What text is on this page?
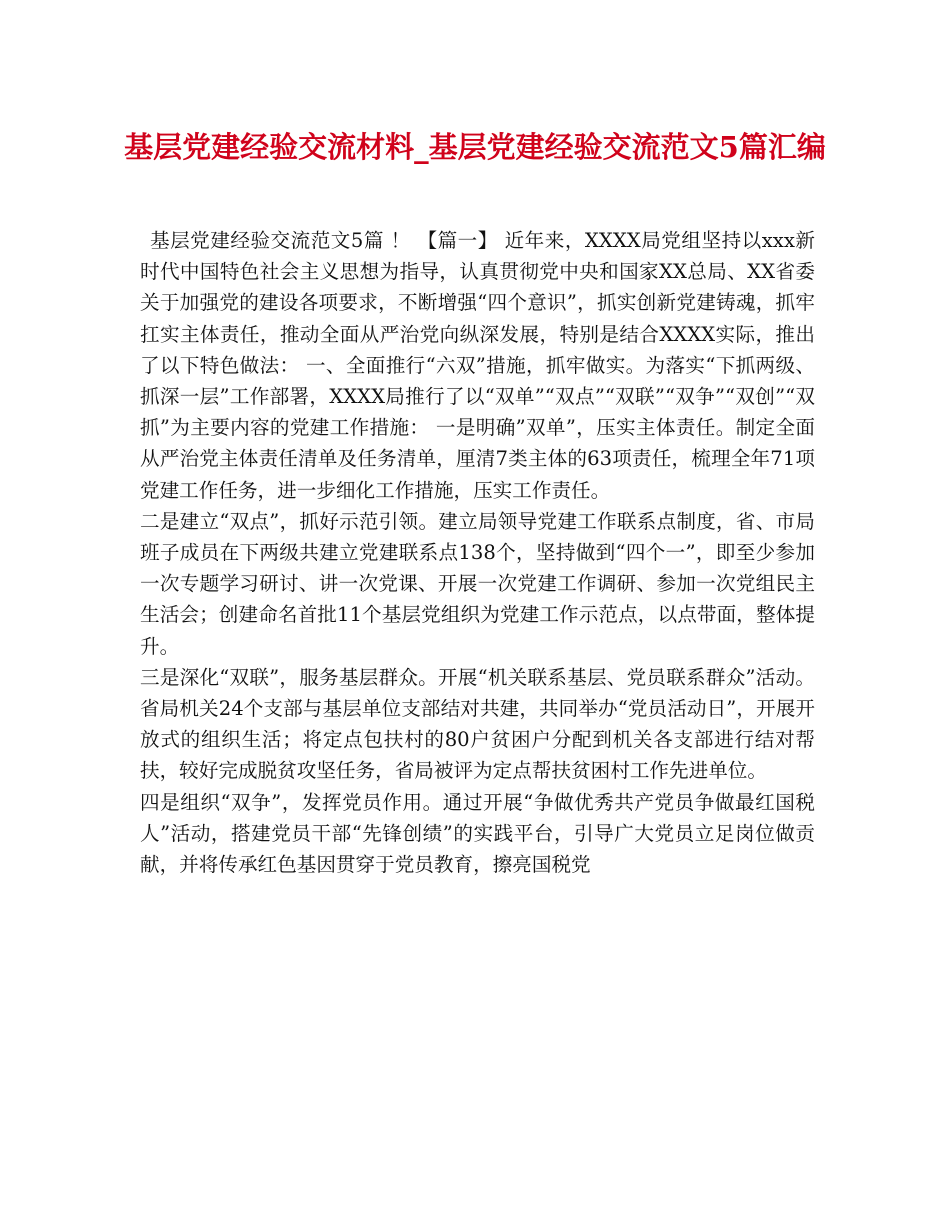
基层党建经验交流材料_基层党建经验交流范文5篇汇编

基层党建经验交流范文5篇 ！ 【篇一】 近年来，XXXX局党组坚持以xxx新时代中国特色社会主义思想为指导，认真贯彻党中央和国家XX总局、XX省委关于加强党的建设各项要求，不断增强“四个意识”，抓实创新党建铸魂，抓牢扛实主体责任，推动全面从严治党向纵深发展，特别是结合XXXX实际，推出了以下特色做法： 一、全面推行“六双”措施，抓牢做实。为落实“下抓两级、抓深一层”工作部署，XXXX局推行了以“双单”“双点”“双联”“双争”“双创”“双抓”为主要内容的党建工作措施： 一是明确”双单”，压实主体责任。制定全面从严治党主体责任清单及任务清单，厘清7类主体的63项责任，梳理全年71项党建工作任务，进一步细化工作措施，压实工作责任。

二是建立“双点”，抓好示范引领。建立局领导党建工作联系点制度，省、市局班子成员在下两级共建立党建联系点138个，坚持做到“四个一”，即至少参加一次专题学习研讨、讲一次党课、开展一次党建工作调研、参加一次党组民主生活会；创建命名首批11个基层党组织为党建工作示范点，以点带面，整体提升。

三是深化“双联”，服务基层群众。开展“机关联系基层、党员联系群众”活动。省局机关24个支部与基层单位支部结对共建，共同举办“党员活动日”，开展开放式的组织生活；将定点包扶村的80户贫困户分配到机关各支部进行结对帮扶，较好完成脱贫攻坚任务，省局被评为定点帮扶贫困村工作先进单位。

四是组织“双争”，发挥党员作用。通过开展“争做优秀共产党员争做最红国税人”活动，搭建党员干部“先锋创绩”的实践平台，引导广大党员立足岗位做贡献，并将传承红色基因贯穿于党员教育，擦亮国税党
